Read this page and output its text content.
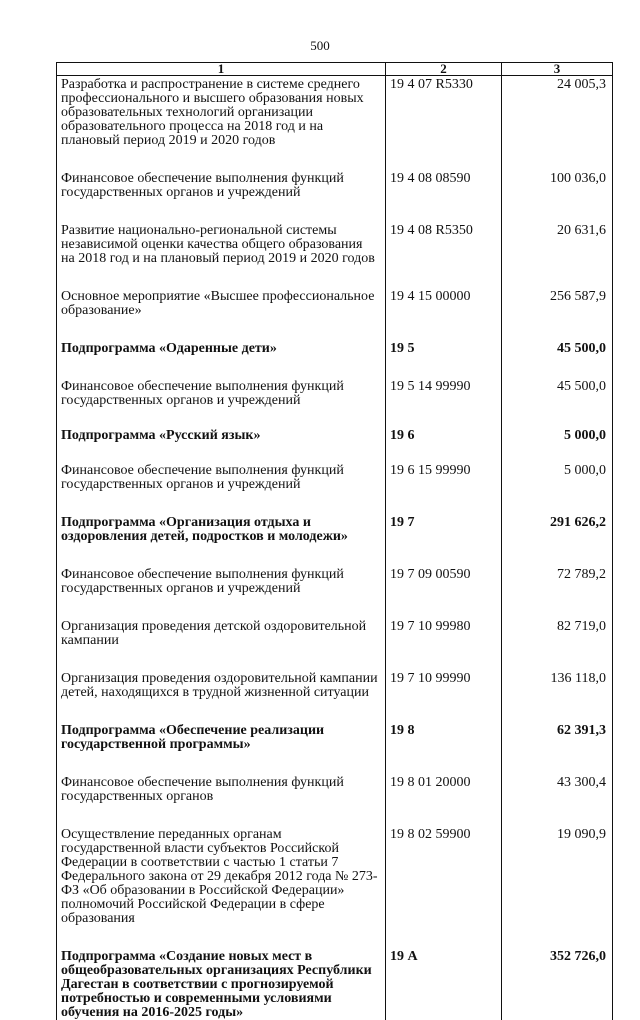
500
1	2	3
Разработка и распространение в системе среднего профессионального и высшего образования новых образовательных технологий организации образовательного процесса на 2018 год и на плановый период 2019 и 2020 годов	19 4 07 R5330	24 005,3

Финансовое обеспечение выполнения функций государственных органов и учреждений	19 4 08 08590	100 036,0

Развитие национально-региональной системы независимой оценки качества общего образования на 2018 год и на плановый период 2019 и 2020 годов	19 4 08 R5350	20 631,6

Основное мероприятие «Высшее профессиональное образование»	19 4 15 00000	256 587,9

Подпрограмма «Одаренные дети»	19 5	45 500,0

Финансовое обеспечение выполнения функций государственных органов и учреждений	19 5 14 99990	45 500,0

Подпрограмма «Русский язык»	19 6	5 000,0

Финансовое обеспечение выполнения функций государственных органов и учреждений	19 6 15 99990	5 000,0

Подпрограмма «Организация отдыха и оздоровления детей, подростков и молодежи»	19 7	291 626,2

Финансовое обеспечение выполнения функций государственных органов и учреждений	19 7 09 00590	72 789,2

Организация проведения детской оздоровительной кампании	19 7 10 99980	82 719,0

Организация проведения оздоровительной кампании детей, находящихся в трудной жизненной ситуации	19 7 10 99990	136 118,0

Подпрограмма «Обеспечение реализации государственной программы»	19 8	62 391,3

Финансовое обеспечение выполнения функций государственных органов	19 8 01 20000	43 300,4

Осуществление переданных органам государственной власти субъектов Российской Федерации в соответствии с частью 1 статьи 7 Федерального закона от 29 декабря 2012 года № 273-ФЗ «Об образовании в Российской Федерации» полномочий Российской Федерации в сфере образования	19 8 02 59900	19 090,9

Подпрограмма «Создание новых мест в общеобразовательных организациях Республики Дагестан в соответствии с прогнозируемой потребностью и современными условиями обучения на 2016-2025 годы»	19 А	352 726,0
